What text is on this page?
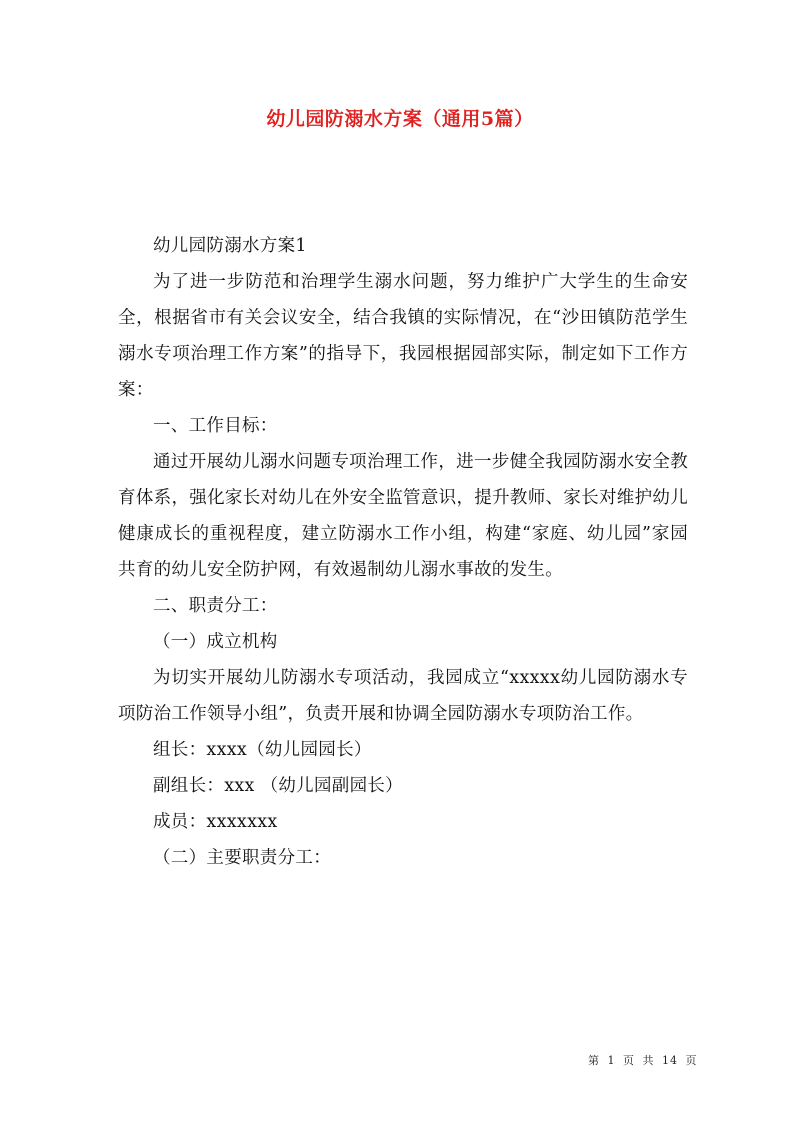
幼儿园防溺水方案（通用5篇）

幼儿园防溺水方案1

为了进一步防范和治理学生溺水问题，努力维护广大学生的生命安全，根据省市有关会议安全，结合我镇的实际情况，在“沙田镇防范学生溺水专项治理工作方案”的指导下，我园根据园部实际，制定如下工作方案：

一、工作目标：

通过开展幼儿溺水问题专项治理工作，进一步健全我园防溺水安全教育体系，强化家长对幼儿在外安全监管意识，提升教师、家长对维护幼儿健康成长的重视程度，建立防溺水工作小组，构建“家庭、幼儿园”家园共育的幼儿安全防护网，有效遏制幼儿溺水事故的发生。

二、职责分工：

（一）成立机构

为切实开展幼儿防溺水专项活动，我园成立“xxxxx幼儿园防溺水专项防治工作领导小组”，负责开展和协调全园防溺水专项防治工作。

组长：xxxx（幼儿园园长）

副组长：xxx （幼儿园副园长）

成员：xxxxxxx

（二）主要职责分工：

第 1 页 共 14 页
